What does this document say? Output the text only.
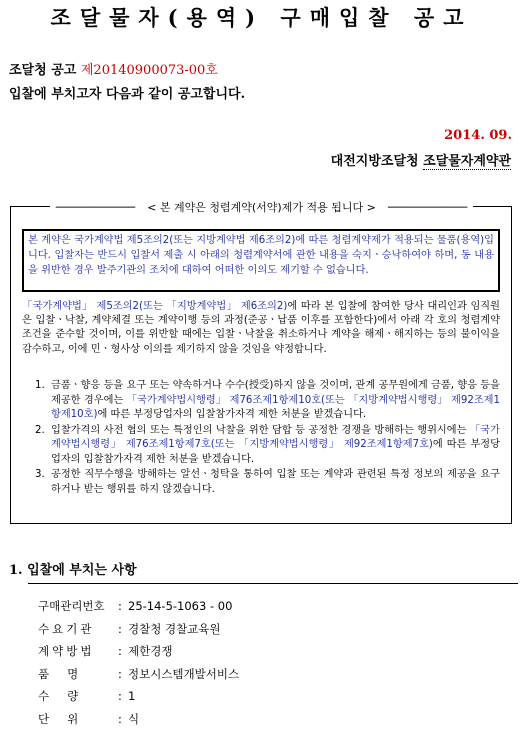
조달물자(용역) 구매입찰 공고
조달청 공고 제20140900073-00호
입찰에 부치고자 다음과 같이 공고합니다.
2014. 09.
대전지방조달청 조달물자계약관
──────────── < 본 계약은 청렴계약(서약)제가 적용 됩니다 > ────────────
본 계약은 국가계약법 제5조의2(또는 지방계약법 제6조의2)에 따른 청렴계약제가 적용되는 물품(용역)입니다. 입찰자는 반드시 입찰서 제출 시 아래의 청렴계약서에 관한 내용을 숙지ㆍ승낙하여야 하며, 동 내용을 위반한 경우 발주기관의 조치에 대하여 어떠한 이의도 제기할 수 없습니다.
「국가계약법」 제5조의2(또는 「지방계약법」 제6조의2)에 따라 본 입찰에 참여한 당사 대리인과 임직원은 입찰ㆍ낙찰, 계약체결 또는 계약이행 등의 과정(준공ㆍ납품 이후를 포함한다)에서 아래 각 호의 청렴계약 조건을 준수할 것이며, 이를 위반할 때에는 입찰ㆍ낙찰을 취소하거나 계약을 해제ㆍ해지하는 등의 불이익을 감수하고, 이에 민ㆍ형사상 이의를 제기하지 않을 것임을 약정합니다.
1. 금품ㆍ향응 등을 요구 또는 약속하거나 수수(授受)하지 않을 것이며, 관계 공무원에게 금품, 향응 등을 제공한 경우에는 「국가계약법시행령」 제76조제1항제10호(또는 「지방계약법시행령」 제92조제1항제10호)에 따른 부정당업자의 입찰참가자격 제한 처분을 받겠습니다.
2. 입찰가격의 사전 협의 또는 특정인의 낙찰을 위한 담합 등 공정한 경쟁을 방해하는 행위시에는 「국가계약법시행령」 제76조제1항제7호(또는 「지방계약법시행령」 제92조제1항제7호)에 따른 부정당업자의 입찰참가자격 제한 처분을 받겠습니다.
3. 공정한 직무수행을 방해하는 알선ㆍ청탁을 통하여 입찰 또는 계약과 관련된 특정 정보의 제공을 요구하거나 받는 행위를 하지 않겠습니다.
1. 입찰에 부치는 사항
구매관리번호 : 25-14-5-1063 - 00
수요기관 : 경찰청 경찰교육원
계약방법 : 제한경쟁
품명 : 정보시스템개발서비스
수량 : 1
단위 : 식
